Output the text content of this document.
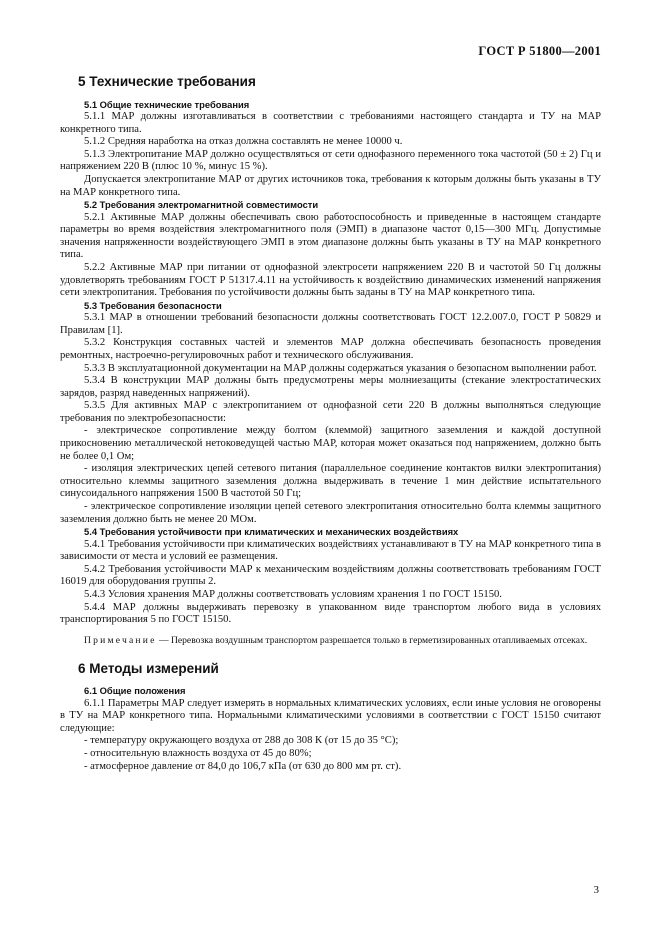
ГОСТ Р 51800—2001
5 Технические требования
5.1 Общие технические требования

5.1.1 МАР должны изготавливаться в соответствии с требованиями настоящего стандарта и ТУ на МАР конкретного типа.

5.1.2 Средняя наработка на отказ должна составлять не менее 10000 ч.

5.1.3 Электропитание МАР должно осуществляться от сети однофазного переменного тока частотой (50 ± 2) Гц и напряжением 220 В (плюс 10 %, минус 15 %).

Допускается электропитание МАР от других источников тока, требования к которым должны быть указаны в ТУ на МАР конкретного типа.

5.2 Требования электромагнитной совместимости

5.2.1 Активные МАР должны обеспечивать свою работоспособность и приведенные в настоящем стандарте параметры во время воздействия электромагнитного поля (ЭМП) в диапазоне частот 0,15—300 МГц. Допустимые значения напряженности воздействующего ЭМП в этом диапазоне должны быть указаны в ТУ на МАР конкретного типа.

5.2.2 Активные МАР при питании от однофазной электросети напряжением 220 В и частотой 50 Гц должны удовлетворять требованиям ГОСТ Р 51317.4.11 на устойчивость к воздействию динамических изменений напряжения сети электропитания. Требования по устойчивости должны быть заданы в ТУ на МАР конкретного типа.

5.3 Требования безопасности

5.3.1 МАР в отношении требований безопасности должны соответствовать ГОСТ 12.2.007.0, ГОСТ Р 50829 и Правилам [1].

5.3.2 Конструкция составных частей и элементов МАР должна обеспечивать безопасность проведения ремонтных, настроечно-регулировочных работ и технического обслуживания.

5.3.3 В эксплуатационной документации на МАР должны содержаться указания о безопасном выполнении работ.

5.3.4 В конструкции МАР должны быть предусмотрены меры молниезащиты (стекание электростатических зарядов, разряд наведенных напряжений).

5.3.5 Для активных МАР с электропитанием от однофазной сети 220 В должны выполняться следующие требования по электробезопасности:

- электрическое сопротивление между болтом (клеммой) защитного заземления и каждой доступной прикосновению металлической нетоковедущей частью МАР, которая может оказаться под напряжением, должно быть не более 0,1 Ом;

- изоляция электрических цепей сетевого питания (параллельное соединение контактов вилки электропитания) относительно клеммы защитного заземления должна выдерживать в течение 1 мин действие испытательного синусоидального напряжения 1500 В частотой 50 Гц;

- электрическое сопротивление изоляции цепей сетевого электропитания относительно болта клеммы защитного заземления должно быть не менее 20 МОм.

5.4 Требования устойчивости при климатических и механических воздействиях

5.4.1 Требования устойчивости при климатических воздействиях устанавливают в ТУ на МАР конкретного типа в зависимости от места и условий ее размещения.

5.4.2 Требования устойчивости МАР к механическим воздействиям должны соответствовать требованиям ГОСТ 16019 для оборудования группы 2.

5.4.3 Условия хранения МАР должны соответствовать условиям хранения 1 по ГОСТ 15150.

5.4.4 МАР должны выдерживать перевозку в упакованном виде транспортом любого вида в условиях транспортирования 5 по ГОСТ 15150.

Примечание — Перевозка воздушным транспортом разрешается только в герметизированных отапливаемых отсеках.

6 Методы измерений
6.1 Общие положения

6.1.1 Параметры МАР следует измерять в нормальных климатических условиях, если иные условия не оговорены в ТУ на МАР конкретного типа. Нормальными климатическими условиями в соответствии с ГОСТ 15150 считают следующие:

- температуру окружающего воздуха от 288 до 308 К (от 15 до 35 °С);

- относительную влажность воздуха от 45 до 80%;

- атмосферное давление от 84,0 до 106,7 кПа (от 630 до 800 мм рт. ст).

3
